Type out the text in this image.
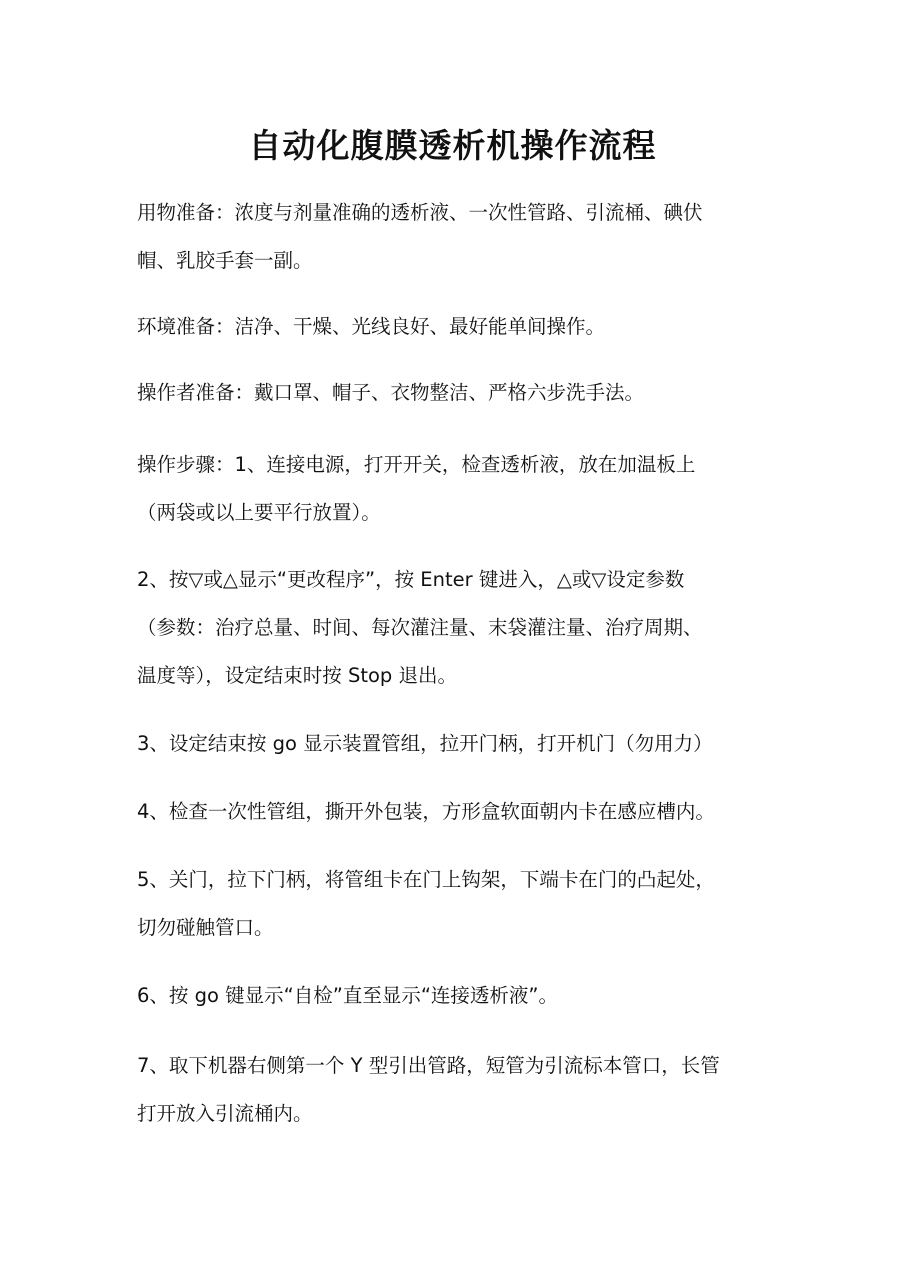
自动化腹膜透析机操作流程
用物准备：浓度与剂量准确的透析液、一次性管路、引流桶、碘伏
帽、乳胶手套一副。
环境准备：洁净、干燥、光线良好、最好能单间操作。
操作者准备：戴口罩、帽子、衣物整洁、严格六步洗手法。
操作步骤：1、连接电源，打开开关，检查透析液，放在加温板上
（两袋或以上要平行放置）。
2、按▽或△显示“更改程序”，按 Enter 键进入，△或▽设定参数
（参数：治疗总量、时间、每次灌注量、末袋灌注量、治疗周期、
温度等），设定结束时按 Stop 退出。
3、设定结束按 go 显示装置管组，拉开门柄，打开机门（勿用力）
4、检查一次性管组，撕开外包装，方形盒软面朝内卡在感应槽内。
5、关门，拉下门柄，将管组卡在门上钩架，下端卡在门的凸起处，
切勿碰触管口。
6、按 go 键显示“自检”直至显示“连接透析液”。
7、取下机器右侧第一个 Y 型引出管路，短管为引流标本管口，长管
打开放入引流桶内。
